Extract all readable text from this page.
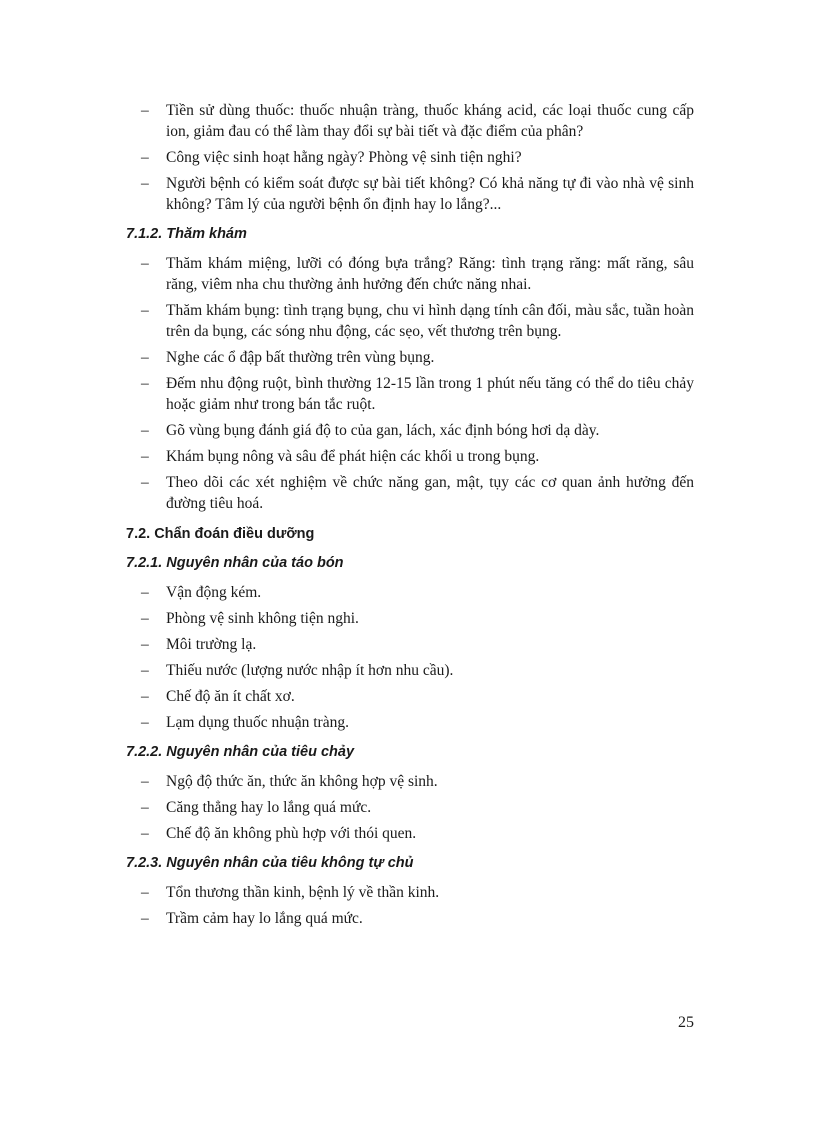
– Tiền sử dùng thuốc: thuốc nhuận tràng, thuốc kháng acid, các loại thuốc cung cấp ion, giảm đau có thể làm thay đổi sự bài tiết và đặc điểm của phân?
– Công việc sinh hoạt hằng ngày? Phòng vệ sinh tiện nghi?
– Người bệnh có kiểm soát được sự bài tiết không? Có khả năng tự đi vào nhà vệ sinh không? Tâm lý của người bệnh ổn định hay lo lắng?...
7.1.2. Thăm khám
– Thăm khám miệng, lưỡi có đóng bựa trắng? Răng: tình trạng răng: mất răng, sâu răng, viêm nha chu thường ảnh hưởng đến chức năng nhai.
– Thăm khám bụng: tình trạng bụng, chu vi hình dạng tính cân đối, màu sắc, tuần hoàn trên da bụng, các sóng nhu động, các sẹo, vết thương trên bụng.
– Nghe các ổ đập bất thường trên vùng bụng.
– Đếm nhu động ruột, bình thường 12-15 lần trong 1 phút nếu tăng có thể do tiêu chảy hoặc giảm như trong bán tắc ruột.
– Gõ vùng bụng đánh giá độ to của gan, lách, xác định bóng hơi dạ dày.
– Khám bụng nông và sâu để phát hiện các khối u trong bụng.
– Theo dõi các xét nghiệm về chức năng gan, mật, tụy các cơ quan ảnh hưởng đến đường tiêu hoá.
7.2. Chẩn đoán điều dưỡng
7.2.1. Nguyên nhân của táo bón
– Vận động kém.
– Phòng vệ sinh không tiện nghi.
– Môi trường lạ.
– Thiếu nước (lượng nước nhập ít hơn nhu cầu).
– Chế độ ăn ít chất xơ.
– Lạm dụng thuốc nhuận tràng.
7.2.2. Nguyên nhân của tiêu chảy
– Ngộ độ thức ăn, thức ăn không hợp vệ sinh.
– Căng thẳng hay lo lắng quá mức.
– Chế độ ăn không phù hợp với thói quen.
7.2.3. Nguyên nhân của tiêu không tự chủ
– Tổn thương thần kinh, bệnh lý về thần kinh.
– Trầm cảm hay lo lắng quá mức.
25
